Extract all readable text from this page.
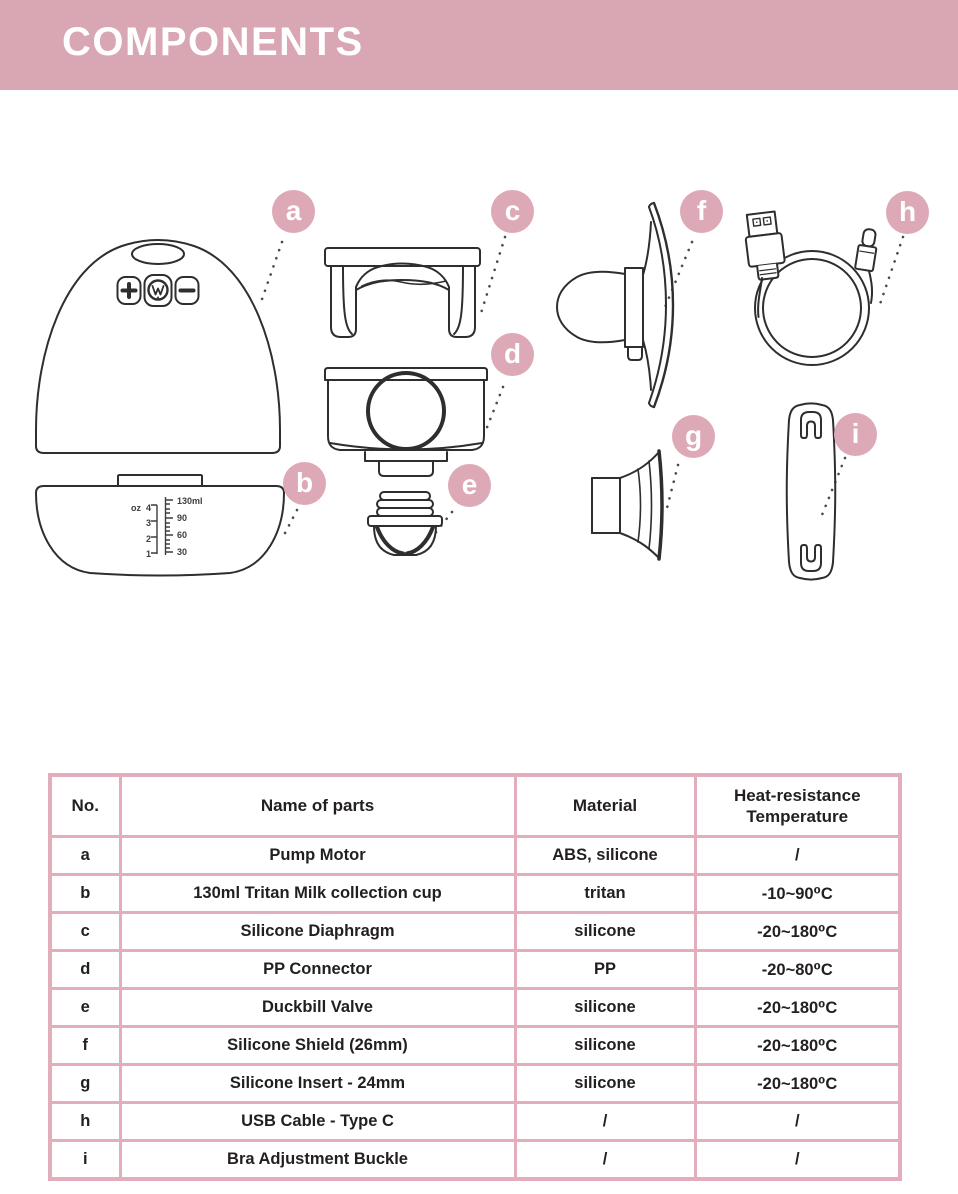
COMPONENTS
oz 4
3
2
1
130ml
90
60
30
a
b
c
d
e
f
g
h
i
No.	Name of parts	Material	Heat-resistance Temperature
a	Pump Motor	ABS, silicone	/
b	130ml Tritan Milk collection cup	tritan	-10~90⁰C
c	Silicone Diaphragm	silicone	-20~180⁰C
d	PP Connector	PP	-20~80⁰C
e	Duckbill Valve	silicone	-20~180⁰C
f	Silicone Shield (26mm)	silicone	-20~180⁰C
g	Silicone Insert - 24mm	silicone	-20~180⁰C
h	USB Cable - Type C	/	/
i	Bra Adjustment Buckle	/	/
